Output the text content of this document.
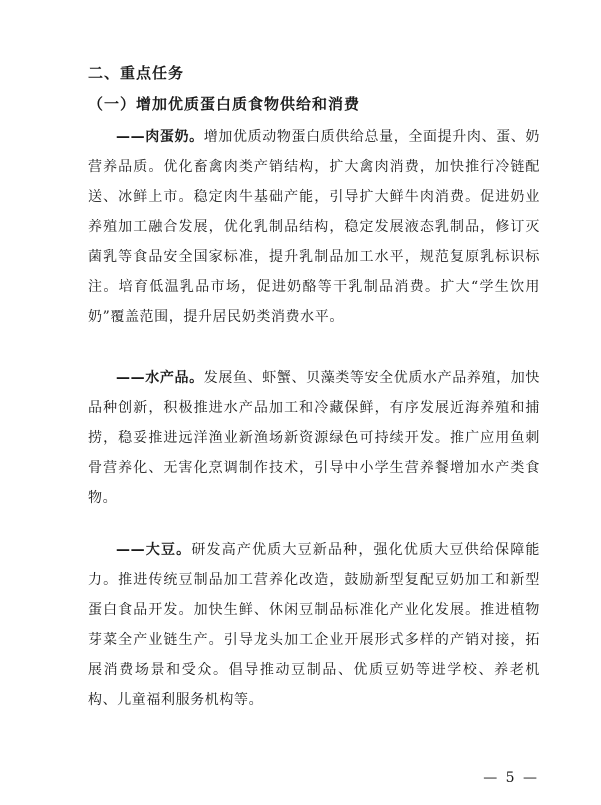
二、重点任务
（一）增加优质蛋白质食物供给和消费

——肉蛋奶。增加优质动物蛋白质供给总量，全面提升肉、蛋、奶营养品质。优化畜禽肉类产销结构，扩大禽肉消费，加快推行冷链配送、冰鲜上市。稳定肉牛基础产能，引导扩大鲜牛肉消费。促进奶业养殖加工融合发展，优化乳制品结构，稳定发展液态乳制品，修订灭菌乳等食品安全国家标准，提升乳制品加工水平，规范复原乳标识标注。培育低温乳品市场，促进奶酪等干乳制品消费。扩大“学生饮用奶”覆盖范围，提升居民奶类消费水平。

——水产品。发展鱼、虾蟹、贝藻类等安全优质水产品养殖，加快品种创新，积极推进水产品加工和冷藏保鲜，有序发展近海养殖和捕捞，稳妥推进远洋渔业新渔场新资源绿色可持续开发。推广应用鱼刺骨营养化、无害化烹调制作技术，引导中小学生营养餐增加水产类食物。

——大豆。研发高产优质大豆新品种，强化优质大豆供给保障能力。推进传统豆制品加工营养化改造，鼓励新型复配豆奶加工和新型蛋白食品开发。加快生鲜、休闲豆制品标准化产业化发展。推进植物芽菜全产业链生产。引导龙头加工企业开展形式多样的产销对接，拓展消费场景和受众。倡导推动豆制品、优质豆奶等进学校、养老机构、儿童福利服务机构等。

— 5 —
